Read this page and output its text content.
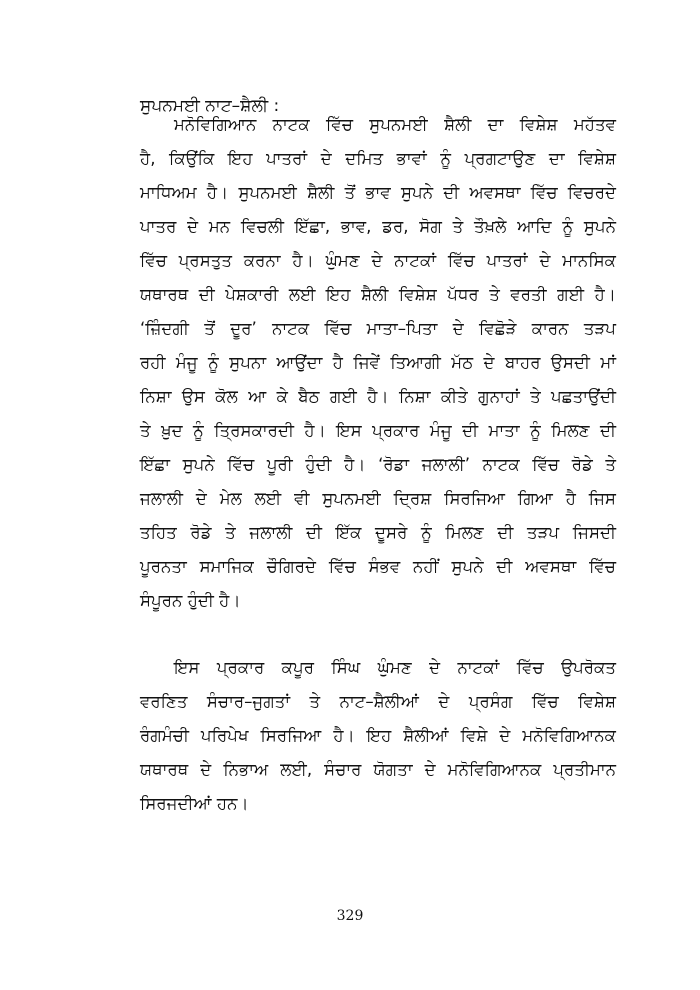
ਸੁਪਨਮਈ ਨਾਟ–ਸ਼ੈਲੀ :
ਮਨੋਵਿਗਿਆਨ ਨਾਟਕ ਵਿੱਚ ਸੁਪਨਮਈ ਸ਼ੈਲੀ ਦਾ ਵਿਸ਼ੇਸ਼ ਮਹੱਤਵ
ਹੈ, ਕਿਉਂਕਿ ਇਹ ਪਾਤਰਾਂ ਦੇ ਦਮਿਤ ਭਾਵਾਂ ਨੂੰ ਪ੍ਰਗਟਾਉਣ ਦਾ ਵਿਸ਼ੇਸ਼
ਮਾਧਿਅਮ ਹੈ। ਸੁਪਨਮਈ ਸ਼ੈਲੀ ਤੋਂ ਭਾਵ ਸੁਪਨੇ ਦੀ ਅਵਸਥਾ ਵਿੱਚ ਵਿਚਰਦੇ
ਪਾਤਰ ਦੇ ਮਨ ਵਿਚਲੀ ਇੱਛਾ, ਭਾਵ, ਡਰ, ਸੋਗ ਤੇ ਤੌਖ਼ਲੇ ਆਦਿ ਨੂੰ ਸੁਪਨੇ
ਵਿੱਚ ਪ੍ਰਸਤੁਤ ਕਰਨਾ ਹੈ। ਘੁੰਮਣ ਦੇ ਨਾਟਕਾਂ ਵਿੱਚ ਪਾਤਰਾਂ ਦੇ ਮਾਨਸਿਕ
ਯਥਾਰਥ ਦੀ ਪੇਸ਼ਕਾਰੀ ਲਈ ਇਹ ਸ਼ੈਲੀ ਵਿਸ਼ੇਸ਼ ਪੱਧਰ ਤੇ ਵਰਤੀ ਗਈ ਹੈ।
‘ਜ਼ਿੰਦਗੀ ਤੋਂ ਦੂਰ’ ਨਾਟਕ ਵਿੱਚ ਮਾਤਾ–ਪਿਤਾ ਦੇ ਵਿਛੋੜੇ ਕਾਰਨ ਤੜਪ
ਰਹੀ ਮੰਜੂ ਨੂੰ ਸੁਪਨਾ ਆਉਂਦਾ ਹੈ ਜਿਵੇਂ ਤਿਆਗੀ ਮੱਠ ਦੇ ਬਾਹਰ ਉਸਦੀ ਮਾਂ
ਨਿਸ਼ਾ ਉਸ ਕੋਲ ਆ ਕੇ ਬੈਠ ਗਈ ਹੈ। ਨਿਸ਼ਾ ਕੀਤੇ ਗੁਨਾਹਾਂ ਤੇ ਪਛਤਾਉਂਦੀ
ਤੇ ਖ਼ੁਦ ਨੂੰ ਤ੍ਰਿਸਕਾਰਦੀ ਹੈ। ਇਸ ਪ੍ਰਕਾਰ ਮੰਜੂ ਦੀ ਮਾਤਾ ਨੂੰ ਮਿਲਣ ਦੀ
ਇੱਛਾ ਸੁਪਨੇ ਵਿੱਚ ਪੂਰੀ ਹੁੰਦੀ ਹੈ। ‘ਰੋਡਾ ਜਲਾਲੀ’ ਨਾਟਕ ਵਿੱਚ ਰੋਡੇ ਤੇ
ਜਲਾਲੀ ਦੇ ਮੇਲ ਲਈ ਵੀ ਸੁਪਨਮਈ ਦ੍ਰਿਸ਼ ਸਿਰਜਿਆ ਗਿਆ ਹੈ ਜਿਸ
ਤਹਿਤ ਰੋਡੇ ਤੇ ਜਲਾਲੀ ਦੀ ਇੱਕ ਦੂਸਰੇ ਨੂੰ ਮਿਲਣ ਦੀ ਤੜਪ ਜਿਸਦੀ
ਪੂਰਨਤਾ ਸਮਾਜਿਕ ਚੌਗਿਰਦੇ ਵਿੱਚ ਸੰਭਵ ਨਹੀਂ ਸੁਪਨੇ ਦੀ ਅਵਸਥਾ ਵਿੱਚ
ਸੰਪੂਰਨ ਹੁੰਦੀ ਹੈ।
ਇਸ ਪ੍ਰਕਾਰ ਕਪੂਰ ਸਿੰਘ ਘੁੰਮਣ ਦੇ ਨਾਟਕਾਂ ਵਿੱਚ ਉਪਰੋਕਤ
ਵਰਣਿਤ ਸੰਚਾਰ–ਜੁਗਤਾਂ ਤੇ ਨਾਟ–ਸ਼ੈਲੀਆਂ ਦੇ ਪ੍ਰਸੰਗ ਵਿੱਚ ਵਿਸ਼ੇਸ਼
ਰੰਗਮੰਚੀ ਪਰਿਪੇਖ ਸਿਰਜਿਆ ਹੈ। ਇਹ ਸ਼ੈਲੀਆਂ ਵਿਸ਼ੇ ਦੇ ਮਨੋਵਿਗਿਆਨਕ
ਯਥਾਰਥ ਦੇ ਨਿਭਾਅ ਲਈ, ਸੰਚਾਰ ਯੋਗਤਾ ਦੇ ਮਨੋਵਿਗਿਆਨਕ ਪ੍ਰਤੀਮਾਨ
ਸਿਰਜਦੀਆਂ ਹਨ।
329
